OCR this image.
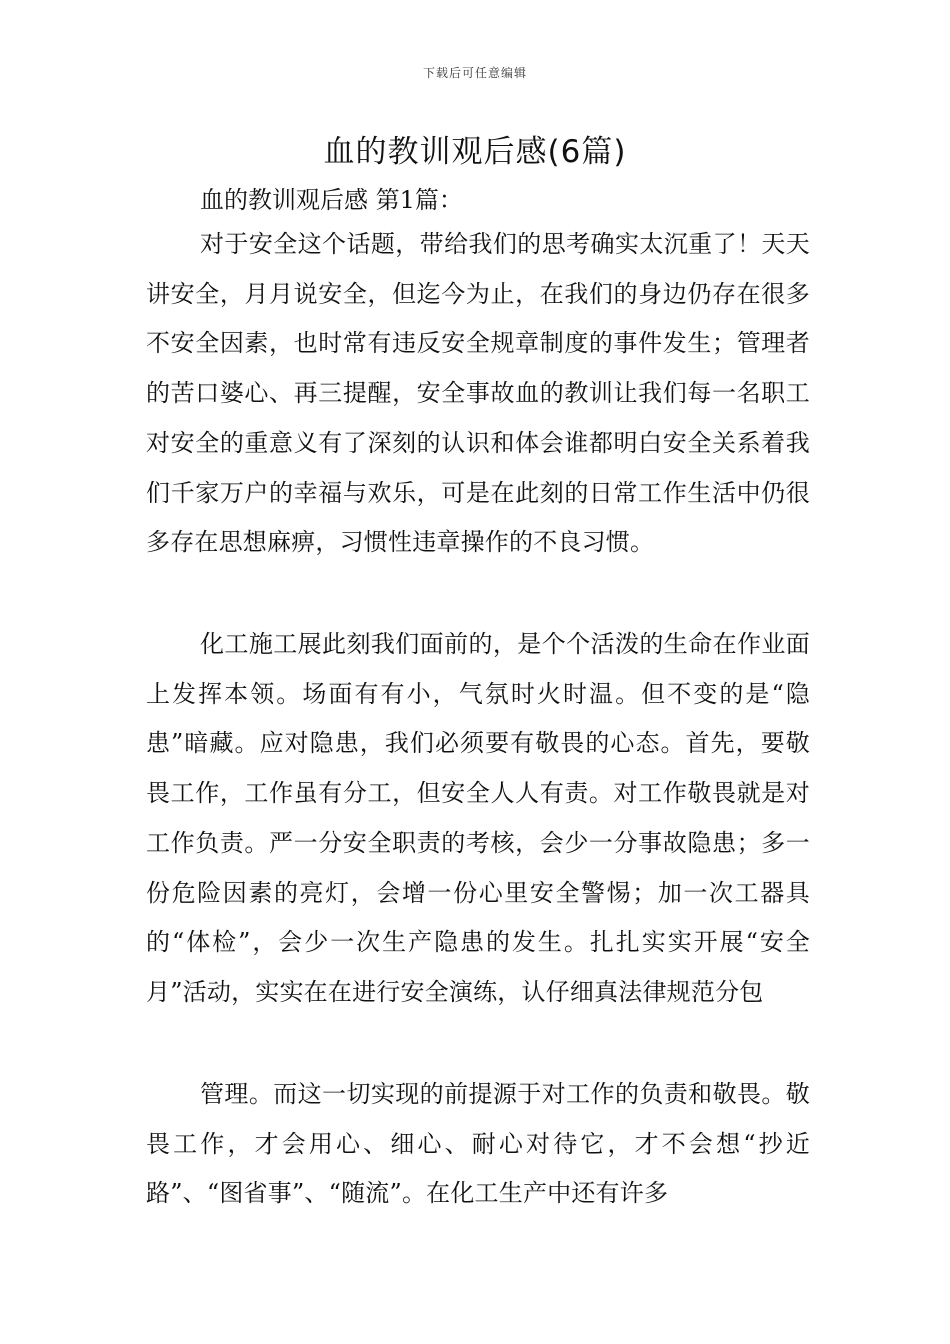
下载后可任意编辑
血的教训观后感(6篇)

血的教训观后感 第1篇：

对于安全这个话题，带给我们的思考确实太沉重了！天天讲安全，月月说安全，但迄今为止，在我们的身边仍存在很多不安全因素，也时常有违反安全规章制度的事件发生；管理者的苦口婆心、再三提醒，安全事故血的教训让我们每一名职工对安全的重意义有了深刻的认识和体会谁都明白安全关系着我们千家万户的幸福与欢乐，可是在此刻的日常工作生活中仍很多存在思想麻痹，习惯性违章操作的不良习惯。

化工施工展此刻我们面前的，是个个活泼的生命在作业面上发挥本领。场面有有小，气氛时火时温。但不变的是“隐患”暗藏。应对隐患，我们必须要有敬畏的心态。首先，要敬畏工作，工作虽有分工，但安全人人有责。对工作敬畏就是对工作负责。严一分安全职责的考核，会少一分事故隐患；多一份危险因素的亮灯，会增一份心里安全警惕；加一次工器具的“体检”，会少一次生产隐患的发生。扎扎实实开展“安全月”活动，实实在在进行安全演练，认仔细真法律规范分包

管理。而这一切实现的前提源于对工作的负责和敬畏。敬畏工作，才会用心、细心、耐心对待它，才不会想“抄近路”、“图省事”、“随流”。在化工生产中还有许多
